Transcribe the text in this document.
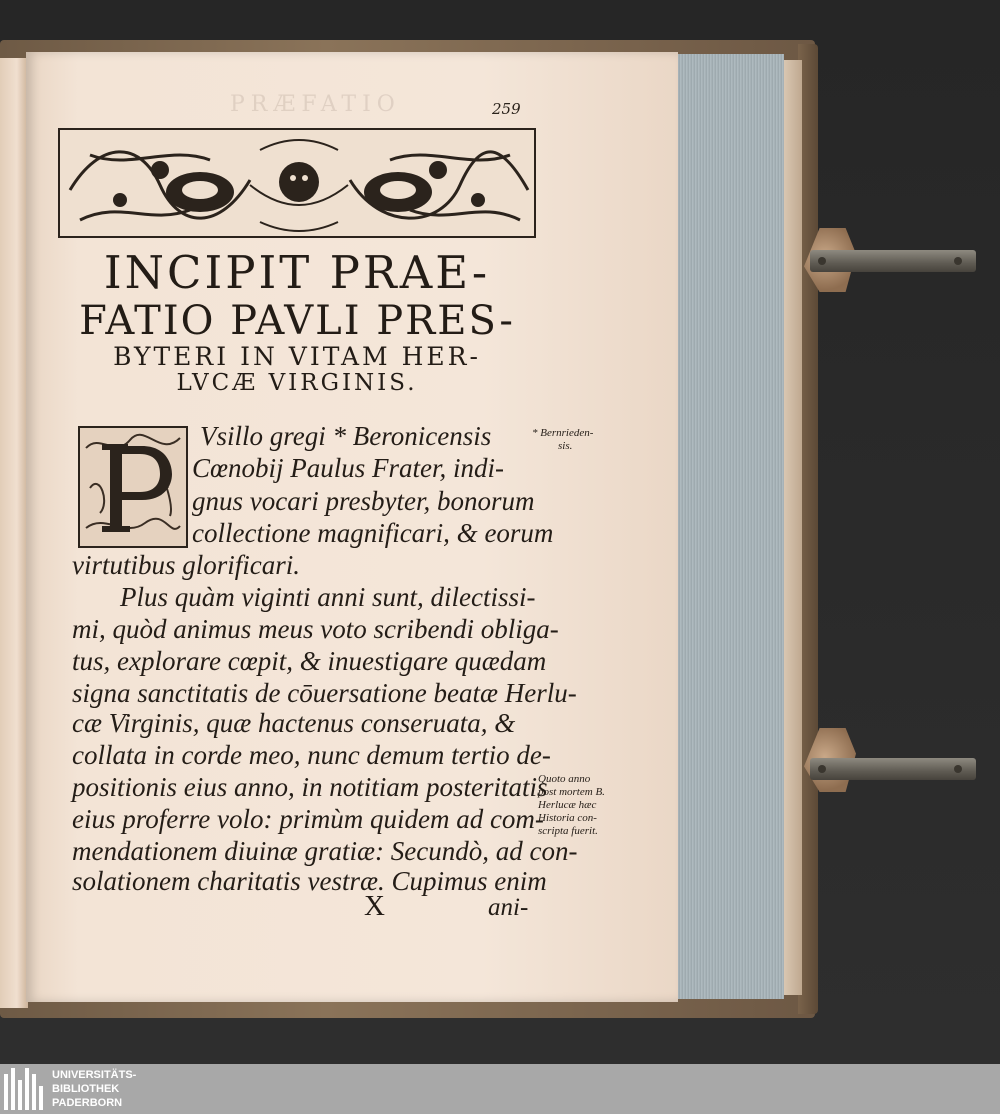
PRÆFATIO	259
INCIPIT PRAE-
FATIO PAVLI PRES-
BYTERI IN VITAM HER-
LVCÆ VIRGINIS.
Vsillo gregi * Beronicensis
Cœnobij Paulus Frater, indi-
gnus vocari presbyter, bonorum
collectione magnificari, & eorum
virtutibus glorificari.
Plus quàm viginti anni sunt, dilectissi-
mi, quòd animus meus voto scribendi obliga-
tus, explorare cœpit, & inuestigare quædam
signa sanctitatis de cōuersatione beatæ Herlu-
cæ Virginis, quæ hactenus conseruata, &
collata in corde meo, nunc demum tertio de-
positionis eius anno, in notitiam posteritatis
eius proferre volo: primùm quidem ad com-
mendationem diuinæ gratiæ: Secundò, ad con-
solationem charitatis vestræ. Cupimus enim
* Bernrieden-
sis.
Quoto anno
post mortem B.
Herlucæ hæc
Historia con-
scripta fuerit.
X	ani-
UNIVERSITÄTS-
BIBLIOTHEK
PADERBORN
